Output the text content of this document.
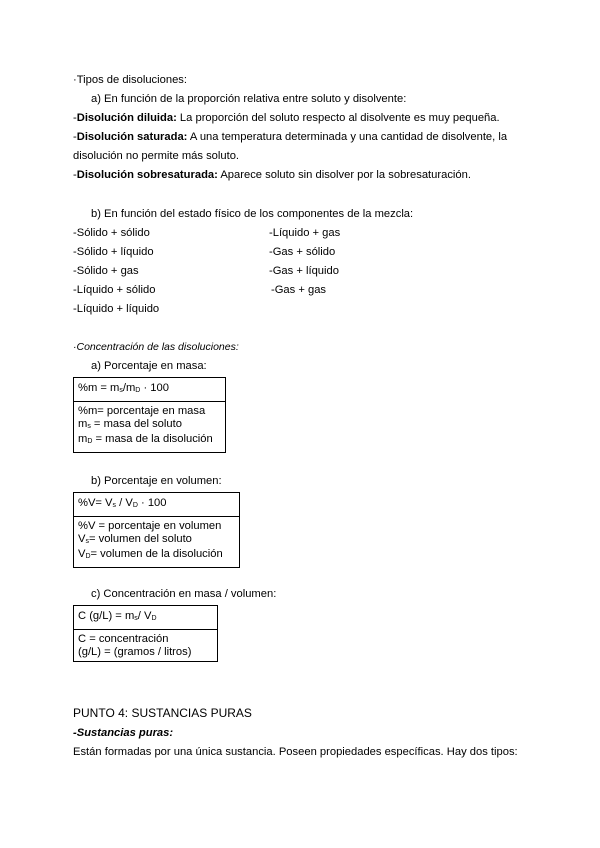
·Tipos de disoluciones:
a) En función de la proporción relativa entre soluto y disolvente:
-Disolución diluida: La proporción del soluto respecto al disolvente es muy pequeña.
-Disolución saturada: A una temperatura determinada y una cantidad de disolvente, la
disolución no permite más soluto.
-Disolución sobresaturada: Aparece soluto sin disolver por la sobresaturación.
b) En función del estado físico de los componentes de la mezcla:
-Sólido + sólido
-Sólido + líquido
-Sólido + gas
-Líquido + sólido
-Líquido + líquido
-Líquido + gas
-Gas + sólido
-Gas + líquido
-Gas + gas
·Concentración de las disoluciones:
a) Porcentaje en masa:
%m = ms/mD · 100
%m= porcentaje en masa
ms = masa del soluto
mD = masa de la disolución
b) Porcentaje en volumen:
%V= Vs / VD · 100
%V = porcentaje en volumen
Vs= volumen del soluto
VD= volumen de la disolución
c) Concentración en masa / volumen:
C (g/L) = ms/ VD
C = concentración
(g/L) = (gramos / litros)
PUNTO 4: SUSTANCIAS PURAS
-Sustancias puras:
Están formadas por una única sustancia. Poseen propiedades específicas. Hay dos tipos:
